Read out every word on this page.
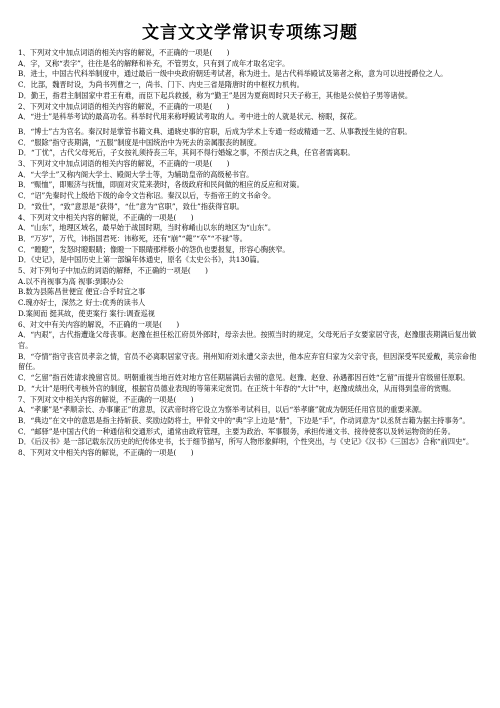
文言文文学常识专项练习题

1、下列对文中加点词语的相关内容的解说，不正确的一项是(　　)

A．字，又称“表字”，往往是名的解释和补充，不管男女，只有到了成年才取名定字。

B．进士，中国古代科举制度中，通过最后一级中央政府朝廷考试者，称为进士。是古代科举殿试及第者之称，意为可以进授爵位之人。

C．比部，魏晋时设，为尚书列曹之一，尚书、门下、内史三省是隋唐时的中枢权力机构。

D．勤王，指君主制国家中君王有难，而臣下起兵救援，称为“勤王”是因为夏商周时只天子称王，其他是公侯伯子男等诸侯。

2、下列对文中加点词语的相关内容的解说，不正确的一项是(　　)

A．“进士”是科举考试的最高功名。科举时代用来称呼殿试考取的人。考中进士的人就是状元、榜眼，探花。

B．“博士”古为官名。秦汉时是掌管书籍文典、通晓史事的官职，后成为学术上专通一经或精通一艺、从事教授生徒的官职。

C．“服除”指守丧期满，“五服”制度是中国统治中为死去的亲属服丧的制度。

D．“丁忧”，古代父母死后，子女按礼须持丧三年，其间不得行婚嫁之事，不预吉庆之典，任官者需离职。

3、下列对文中加点词语的相关内容的解说，不正确的一项是(　　)

A．“大学士”又称内阁大学士、殿阁大学士等，为辅助皇帝的高级秘书官。

B．“赈恤”，即赈济与抚恤，即面对灾荒来袭时，各级政府和民间做的相应的反应和对策。

C．“诏”先秦时代上级给下级的命令文告称诏。秦汉以后，专指帝王的文书命令。

D．“致仕”，“致”意思是“获得”，“仕”意为“官职”，致仕”指获得官职。

4、下列对文中相关内容的解说，不正确的一项是(　　)

A．“山东”，地理区域名，最早始于战国时期，当时称崤山以东的地区为“山东”。

B．“万岁”，万代，讳指国君死：讳称死，还有“崩”“薨”“卒”“不禄”等。

C．“瞠瞪”，发怒时瞪眼睛；像瞪一下眼睛那样极小的怨仇也要报复，形容心胸狭窄。

D．《史记》，是中国历史上第一部编年体通史，原名《太史公书》，共130篇。

5、对下列句子中加点的词语的解释，不正确的一项是(　　)

A.以不肖视事为高 视事:到职办公

B.数为县陈昌世便宜 便宜:合乎时宜之事

C.瑰亦好士，深然之 好士:优秀的读书人

D.案阅而 挺其故，使吏案行 案行:调查巡视

6、对文中有关内容的解说，不正确的一项是(　　)

A．“内艰”，古代指遭逢父母丧事。赵豫在担任松江府员外郎时，母亲去世。按照当时的规定，父母死后子女要家居守丧，赵豫服丧期满后复出做官。

B．“夺情”指守丧官员孝亲之情，官员不必离职居家守丧。荆州知府刘永遭父亲去世，他本应弃官归家为父亲守丧，但因深受军民爱戴，英宗命他留任。

C．“乞留”指百姓请求挽留官员。明朝重视当地百姓对地方官任期届满后去留的意见。赵豫、赵登、孙遇都因百姓“乞留”而提升官级留任原职。

D．“大计”是明代考核外官的制度，根据官员德业表现的等第来定赏罚。在正统十年春的“大计”中，赵豫成绩出众，从而得到皇帝的赏赐。

7、下列对文中相关内容的解说，不正确的一项是(　　)

A．“孝廉”是“孝顺亲长、办事廉正”的意思，汉武帝时将它设立为察举考试科目，以后“举孝廉”就成为朝廷任用官员的重要来源。

B．“典边”在文中的意思是指主持斩获、奖励边防将士，甲骨文中的“典”字上边是“册”，下边是“手”，作动词意为“以丞贤吉籍为据主持事务”。

C．“邮驿”是中国古代的一种通信和交通形式，通常由政府管理，主要为政治、军事服务，承担传递文书、接待使客以及转运物资的任务。

D．《后汉书》是一部记载东汉历史的纪传体史书，长于细节描写，所写人物形象鲜明，个性突出，与《史记》《汉书》《三国志》合称“前四史”。

8、下列对文中相关内容的解说，不正确的一项是(　　)
